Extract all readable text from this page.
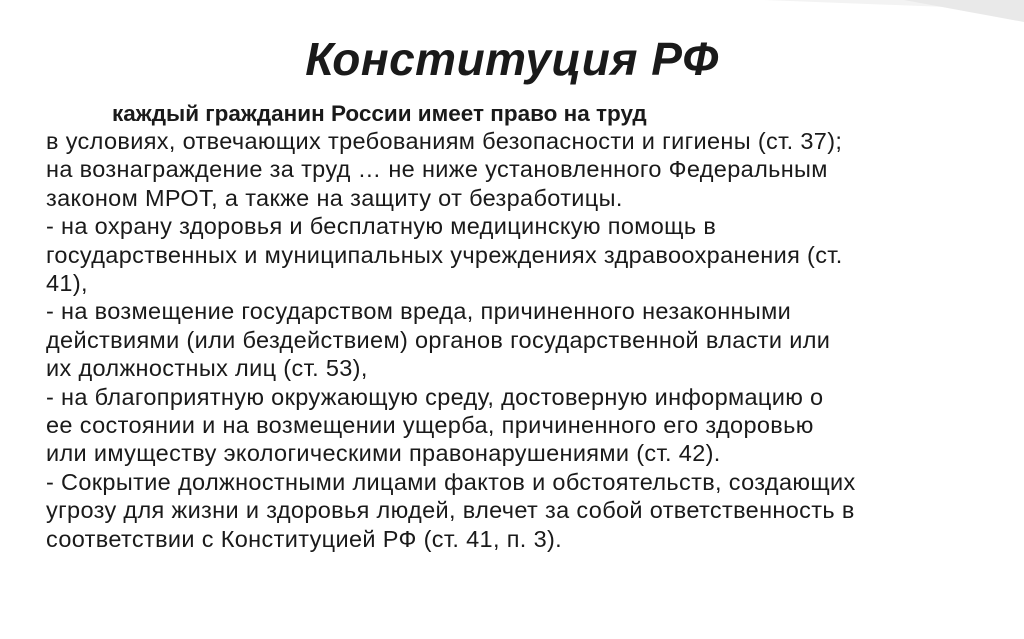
Конституция РФ
каждый гражданин России имеет право на труд
в условиях, отвечающих требованиям безопасности и гигиены (ст. 37);
на вознаграждение за труд … не ниже установленного Федеральным
законом МРОТ, а также на защиту от безработицы.
- на охрану здоровья и бесплатную медицинскую помощь в
государственных и муниципальных учреждениях здравоохранения (ст.
41),
- на возмещение государством вреда, причиненного незаконными
действиями (или бездействием) органов государственной власти или
их должностных лиц (ст. 53),
- на благоприятную окружающую среду, достоверную информацию о
ее состоянии и на возмещении ущерба, причиненного его здоровью
или имуществу экологическими правонарушениями (ст. 42).
- Сокрытие должностными лицами фактов и обстоятельств, создающих
угрозу для жизни и здоровья людей, влечет за собой ответственность в
соответствии с Конституцией РФ (ст. 41, п. 3).
